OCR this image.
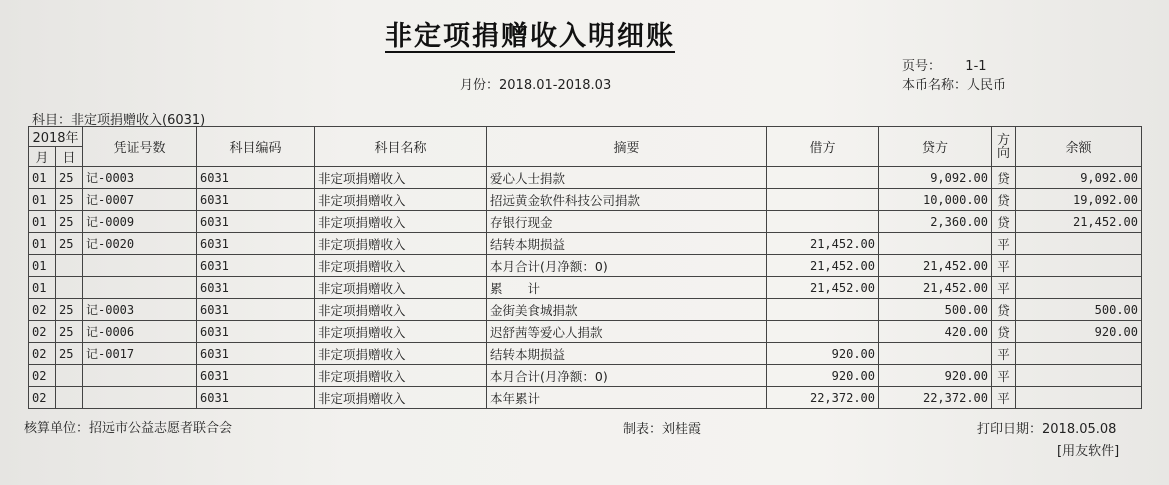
非定项捐赠收入明细账
页号： 1-1
月份：2018.01-2018.03	本币名称：人民币
科目：非定项捐赠收入(6031)
2018年		凭证号数	科目编码	科目名称	摘要	借方	贷方	方向	余额
月	日								
01	25	记-0003	6031	非定项捐赠收入	爱心人士捐款		9,092.00	贷	9,092.00
01	25	记-0007	6031	非定项捐赠收入	招远黄金软件科技公司捐款		10,000.00	贷	19,092.00
01	25	记-0009	6031	非定项捐赠收入	存银行现金		2,360.00	贷	21,452.00
01	25	记-0020	6031	非定项捐赠收入	结转本期损益	21,452.00		平	
01			6031	非定项捐赠收入	本月合计(月净额：0)	21,452.00	21,452.00	平	
01			6031	非定项捐赠收入	累　　计	21,452.00	21,452.00	平	
02	25	记-0003	6031	非定项捐赠收入	金街美食城捐款		500.00	贷	500.00
02	25	记-0006	6031	非定项捐赠收入	迟舒茜等爱心人捐款		420.00	贷	920.00
02	25	记-0017	6031	非定项捐赠收入	结转本期损益	920.00		平	
02			6031	非定项捐赠收入	本月合计(月净额：0)	920.00	920.00	平	
02			6031	非定项捐赠收入	本年累计	22,372.00	22,372.00	平	
核算单位：招远市公益志愿者联合会	制表：刘桂霞	打印日期：2018.05.08
[用友软件]
